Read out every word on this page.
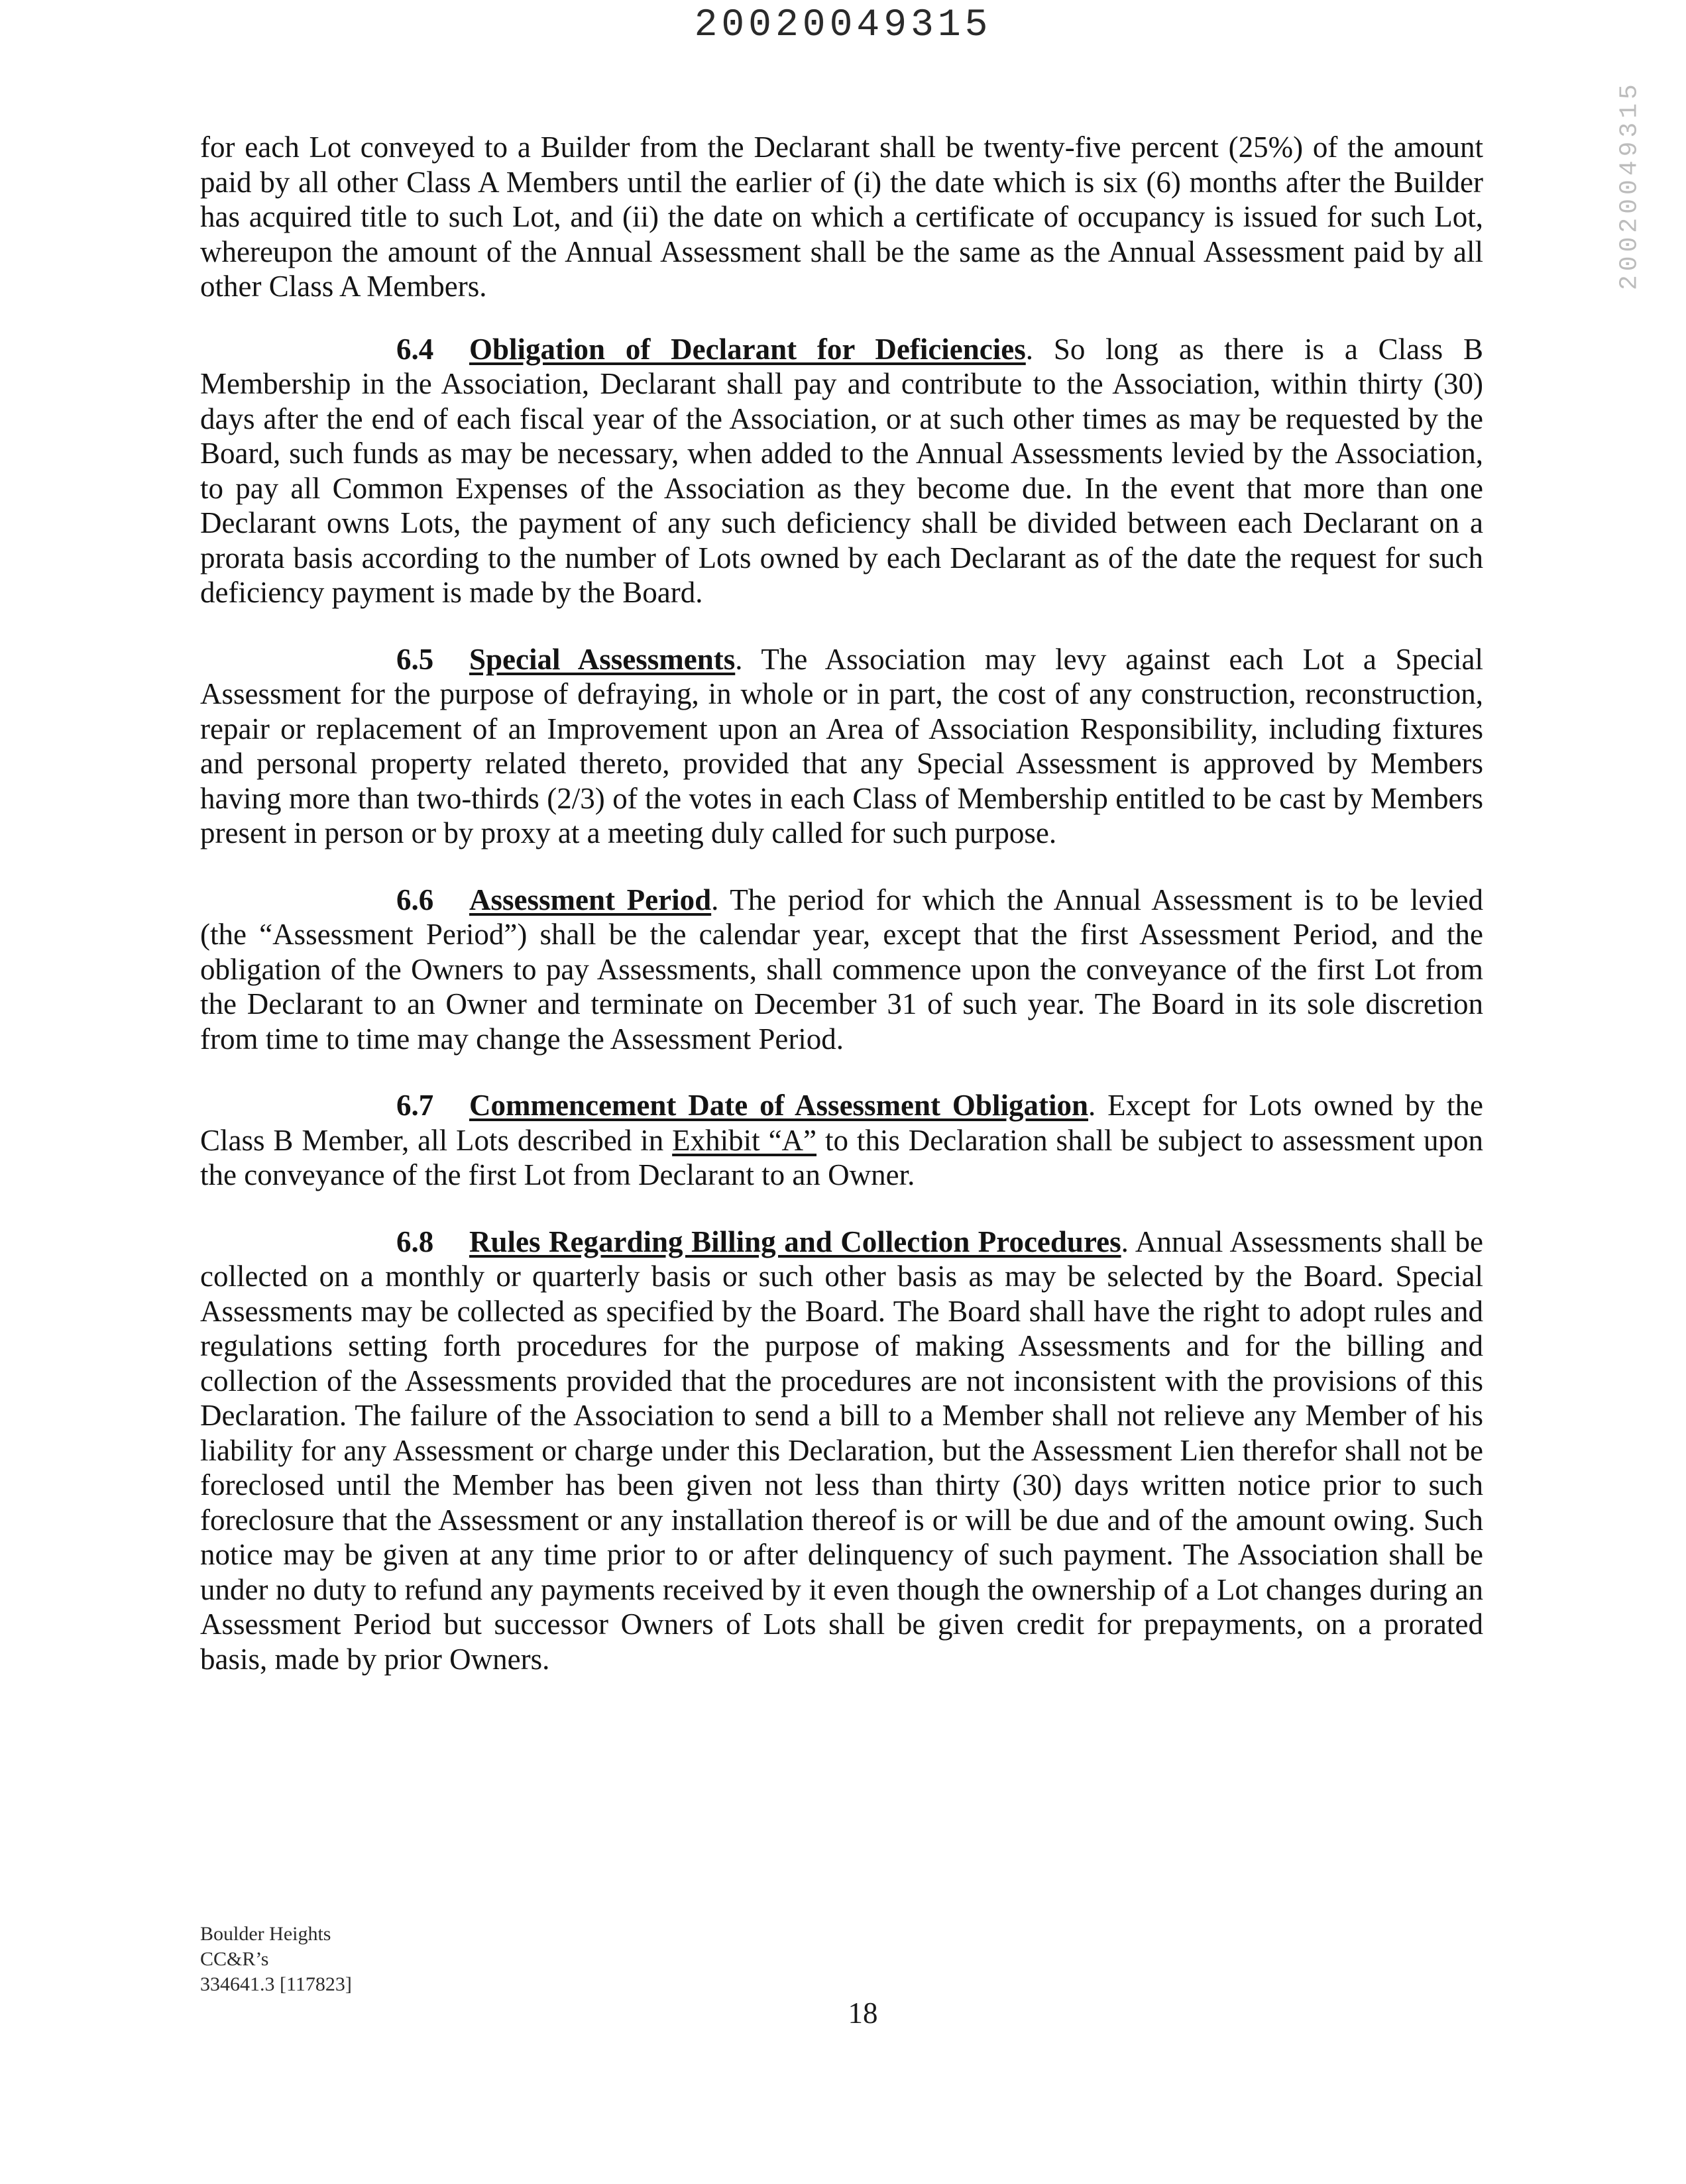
20020049315
20020049315

for each Lot conveyed to a Builder from the Declarant shall be twenty-five percent (25%) of the amount paid by all other Class A Members until the earlier of (i) the date which is six (6) months after the Builder has acquired title to such Lot, and (ii) the date on which a certificate of occupancy is issued for such Lot, whereupon the amount of the Annual Assessment shall be the same as the Annual Assessment paid by all other Class A Members.

6.4 Obligation of Declarant for Deficiencies. So long as there is a Class B Membership in the Association, Declarant shall pay and contribute to the Association, within thirty (30) days after the end of each fiscal year of the Association, or at such other times as may be requested by the Board, such funds as may be necessary, when added to the Annual Assessments levied by the Association, to pay all Common Expenses of the Association as they become due. In the event that more than one Declarant owns Lots, the payment of any such deficiency shall be divided between each Declarant on a prorata basis according to the number of Lots owned by each Declarant as of the date the request for such deficiency payment is made by the Board.

6.5 Special Assessments. The Association may levy against each Lot a Special Assessment for the purpose of defraying, in whole or in part, the cost of any construction, reconstruction, repair or replacement of an Improvement upon an Area of Association Responsibility, including fixtures and personal property related thereto, provided that any Special Assessment is approved by Members having more than two-thirds (2/3) of the votes in each Class of Membership entitled to be cast by Members present in person or by proxy at a meeting duly called for such purpose.

6.6 Assessment Period. The period for which the Annual Assessment is to be levied (the “Assessment Period”) shall be the calendar year, except that the first Assessment Period, and the obligation of the Owners to pay Assessments, shall commence upon the conveyance of the first Lot from the Declarant to an Owner and terminate on December 31 of such year. The Board in its sole discretion from time to time may change the Assessment Period.

6.7 Commencement Date of Assessment Obligation. Except for Lots owned by the Class B Member, all Lots described in Exhibit “A” to this Declaration shall be subject to assessment upon the conveyance of the first Lot from Declarant to an Owner.

6.8 Rules Regarding Billing and Collection Procedures. Annual Assessments shall be collected on a monthly or quarterly basis or such other basis as may be selected by the Board. Special Assessments may be collected as specified by the Board. The Board shall have the right to adopt rules and regulations setting forth procedures for the purpose of making Assessments and for the billing and collection of the Assessments provided that the procedures are not inconsistent with the provisions of this Declaration. The failure of the Association to send a bill to a Member shall not relieve any Member of his liability for any Assessment or charge under this Declaration, but the Assessment Lien therefor shall not be foreclosed until the Member has been given not less than thirty (30) days written notice prior to such foreclosure that the Assessment or any installation thereof is or will be due and of the amount owing. Such notice may be given at any time prior to or after delinquency of such payment. The Association shall be under no duty to refund any payments received by it even though the ownership of a Lot changes during an Assessment Period but successor Owners of Lots shall be given credit for prepayments, on a prorated basis, made by prior Owners.

Boulder Heights
CC&R’s
334641.3 [117823]
18
